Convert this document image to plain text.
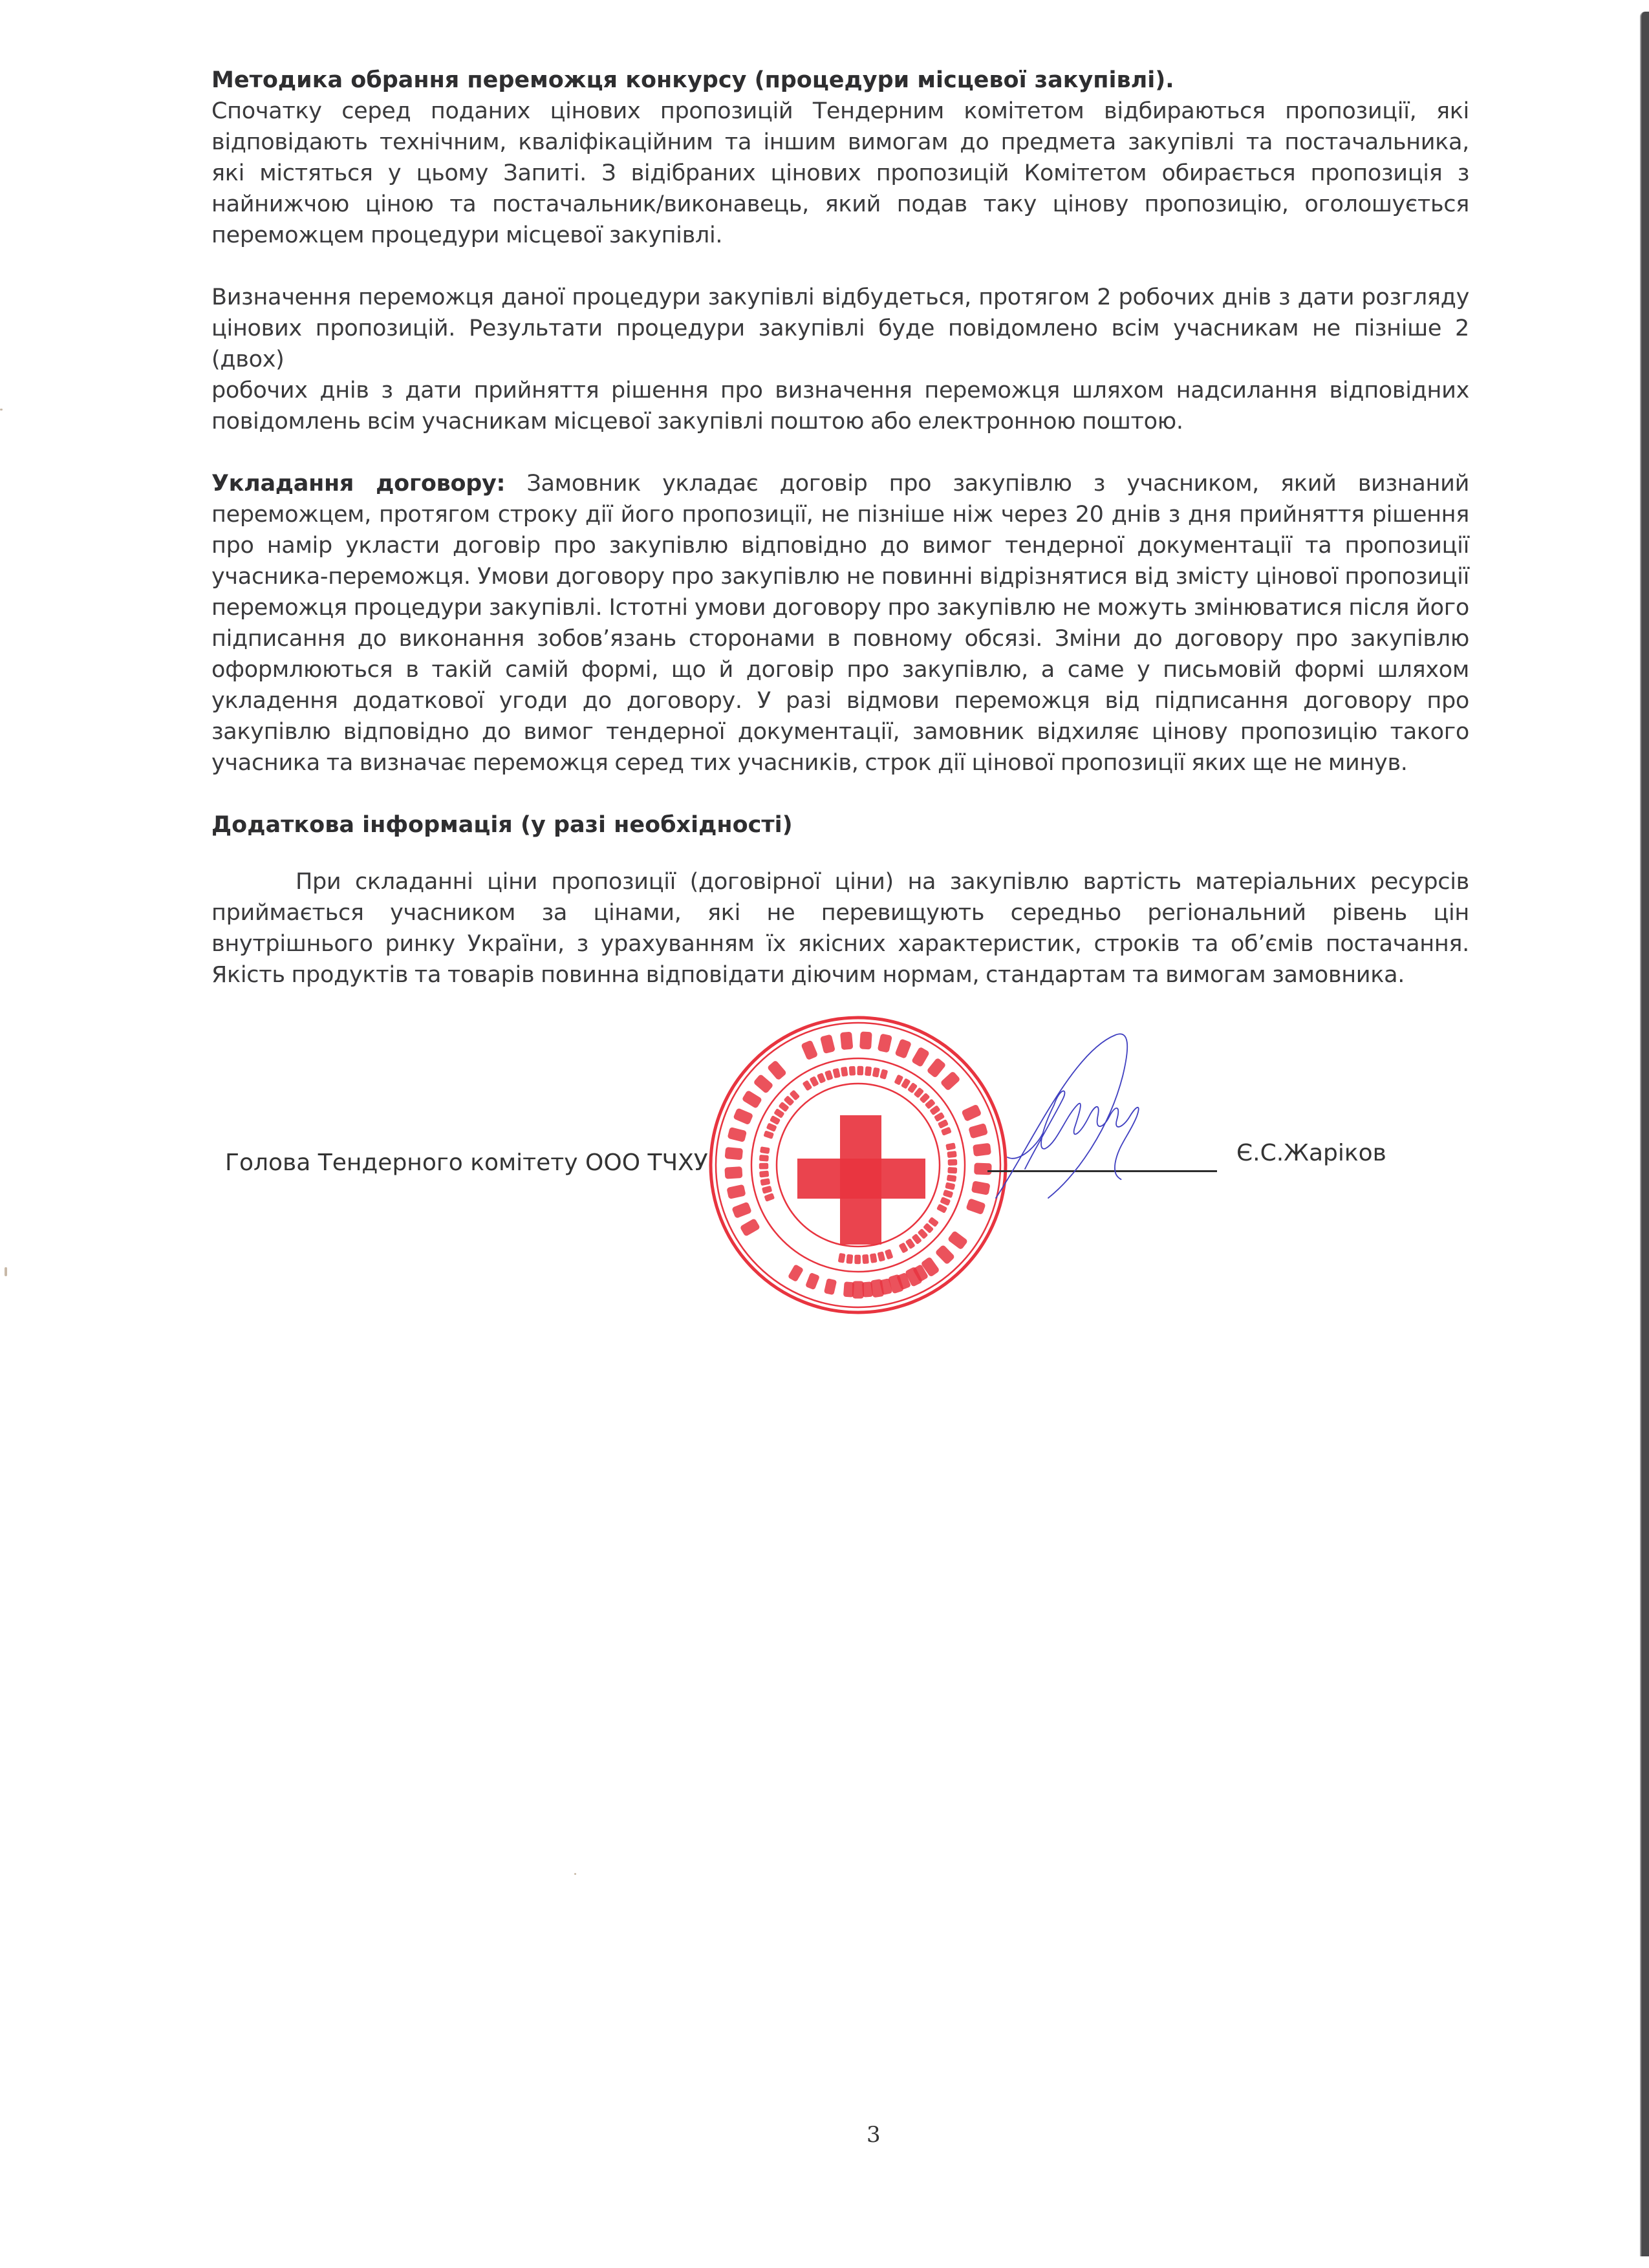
Методика обрання переможця конкурсу (процедури місцевої закупівлі).
Спочатку серед поданих цінових пропозицій Тендерним комітетом відбираються пропозиції, які
відповідають технічним, кваліфікаційним та іншим вимогам до предмета закупівлі та постачальника,
які містяться у цьому Запиті. З відібраних цінових пропозицій Комітетом обирається пропозиція з
найнижчою ціною та постачальник/виконавець, який подав таку цінову пропозицію, оголошується
переможцем процедури місцевої закупівлі.
Визначення переможця даної процедури закупівлі відбудеться, протягом 2 робочих днів з дати розгляду
цінових пропозицій. Результати процедури закупівлі буде повідомлено всім учасникам не пізніше 2 (двох)
робочих днів з дати прийняття рішення про визначення переможця шляхом надсилання відповідних
повідомлень всім учасникам місцевої закупівлі поштою або електронною поштою.
Укладання договору: Замовник укладає договір про закупівлю з учасником, який визнаний
переможцем, протягом строку дії його пропозиції, не пізніше ніж через 20 днів з дня прийняття рішення
про намір укласти договір про закупівлю відповідно до вимог тендерної документації та пропозиції
учасника-переможця. Умови договору про закупівлю не повинні відрізнятися від змісту цінової пропозиції
переможця процедури закупівлі. Істотні умови договору про закупівлю не можуть змінюватися після його
підписання до виконання зобов’язань сторонами в повному обсязі. Зміни до договору про закупівлю
оформлюються в такій самій формі, що й договір про закупівлю, а саме у письмовій формі шляхом
укладення додаткової угоди до договору. У разі відмови переможця від підписання договору про
закупівлю відповідно до вимог тендерної документації, замовник відхиляє цінову пропозицію такого
учасника та визначає переможця серед тих учасників, строк дії цінової пропозиції яких ще не минув.
Додаткова інформація (у разі необхідності)
При складанні ціни пропозиції (договірної ціни) на закупівлю вартість матеріальних ресурсів
приймається учасником за цінами, які не перевищують середньо регіональний рівень цін
внутрішнього ринку України, з урахуванням їх якісних характеристик, строків та об’ємів постачання.
Якість продуктів та товарів повинна відповідати діючим нормам, стандартам та вимогам замовника.
Голова Тендерного комітету ООО ТЧХУ	Є.С.Жаріков
3
